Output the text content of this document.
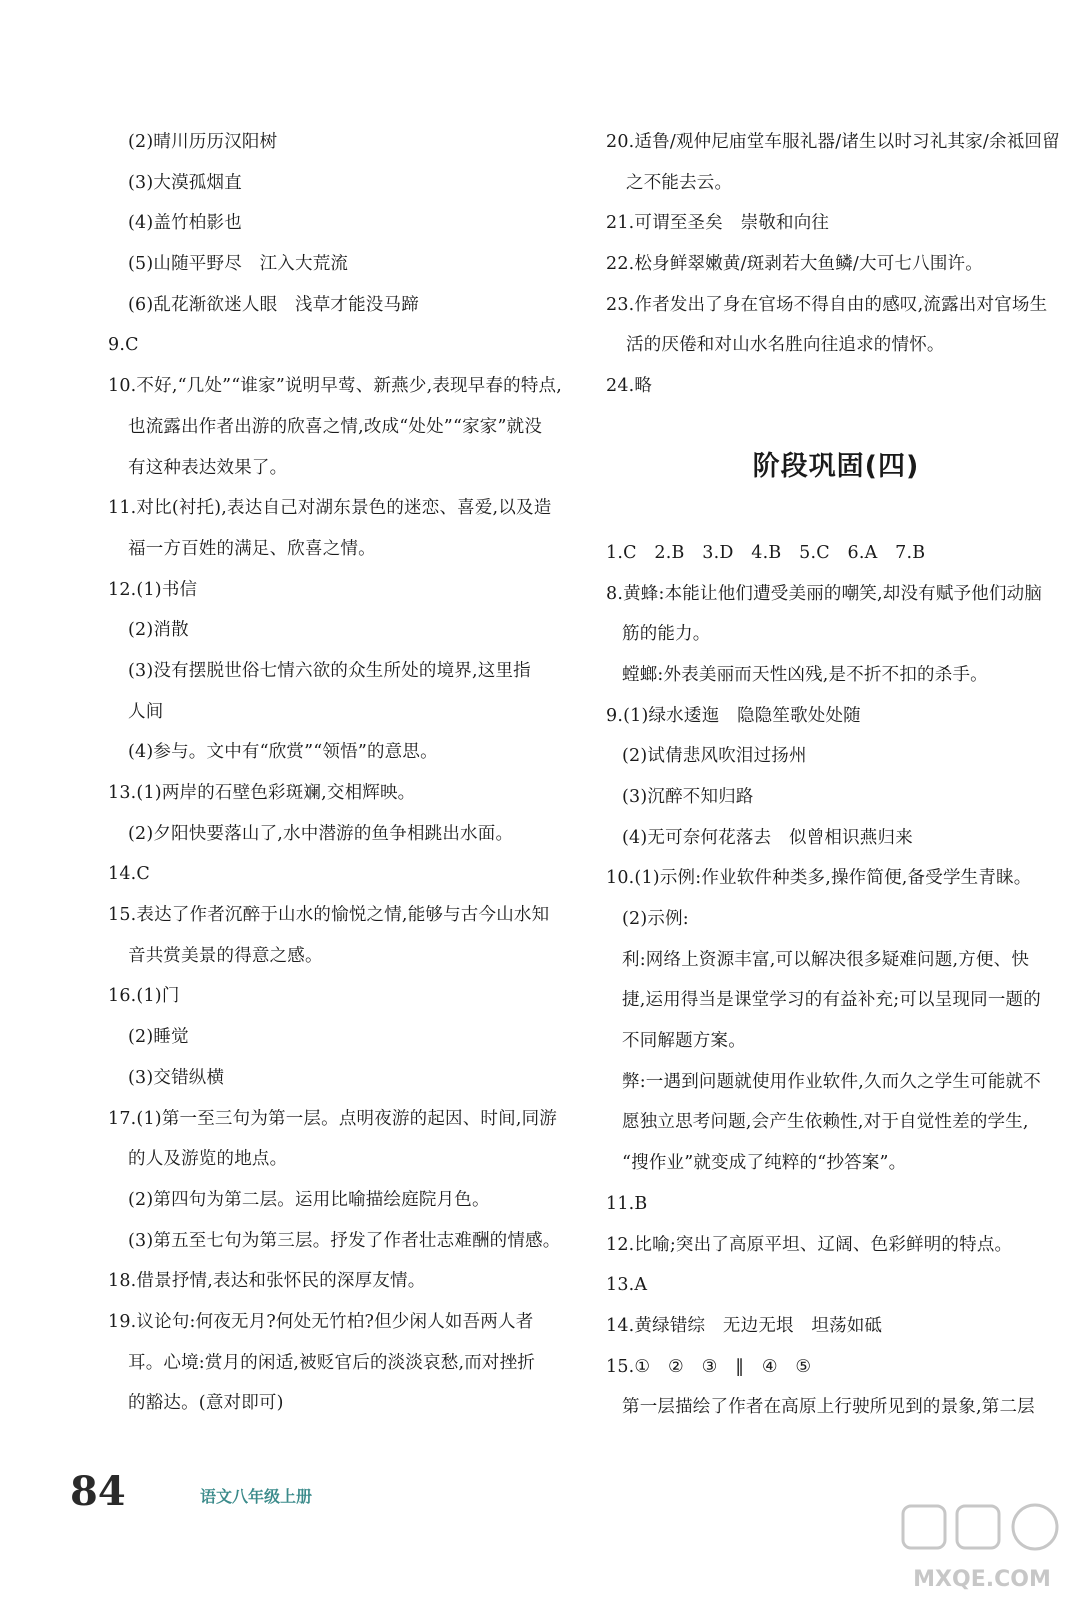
(2)晴川历历汉阳树
(3)大漠孤烟直
(4)盖竹柏影也
(5)山随平野尽　江入大荒流
(6)乱花渐欲迷人眼　浅草才能没马蹄
9.C
10.不好,“几处”“谁家”说明早莺、新燕少,表现早春的特点,
也流露出作者出游的欣喜之情,改成“处处”“家家”就没
有这种表达效果了。
11.对比(衬托),表达自己对湖东景色的迷恋、喜爱,以及造
福一方百姓的满足、欣喜之情。
12.(1)书信
(2)消散
(3)没有摆脱世俗七情六欲的众生所处的境界,这里指
人间
(4)参与。文中有“欣赏”“领悟”的意思。
13.(1)两岸的石壁色彩斑斓,交相辉映。
(2)夕阳快要落山了,水中潜游的鱼争相跳出水面。
14.C
15.表达了作者沉醉于山水的愉悦之情,能够与古今山水知
音共赏美景的得意之感。
16.(1)门
(2)睡觉
(3)交错纵横
17.(1)第一至三句为第一层。点明夜游的起因、时间,同游
的人及游览的地点。
(2)第四句为第二层。运用比喻描绘庭院月色。
(3)第五至七句为第三层。抒发了作者壮志难酬的情感。
18.借景抒情,表达和张怀民的深厚友情。
19.议论句:何夜无月?何处无竹柏?但少闲人如吾两人者
耳。心境:赏月的闲适,被贬官后的淡淡哀愁,而对挫折
的豁达。(意对即可)
20.适鲁/观仲尼庙堂车服礼器/诸生以时习礼其家/余祗回留
之不能去云。
21.可谓至圣矣　崇敬和向往
22.松身鲜翠嫩黄/斑剥若大鱼鳞/大可七八围许。
23.作者发出了身在官场不得自由的感叹,流露出对官场生
活的厌倦和对山水名胜向往追求的情怀。
24.略
阶段巩固(四)
1.C　2.B　3.D　4.B　5.C　6.A　7.B
8.黄蜂:本能让他们遭受美丽的嘲笑,却没有赋予他们动脑
筋的能力。
螳螂:外表美丽而天性凶残,是不折不扣的杀手。
9.(1)绿水逶迤　隐隐笙歌处处随
(2)试倩悲风吹泪过扬州
(3)沉醉不知归路
(4)无可奈何花落去　似曾相识燕归来
10.(1)示例:作业软件种类多,操作简便,备受学生青睐。
(2)示例:
利:网络上资源丰富,可以解决很多疑难问题,方便、快
捷,运用得当是课堂学习的有益补充;可以呈现同一题的
不同解题方案。
弊:一遇到问题就使用作业软件,久而久之学生可能就不
愿独立思考问题,会产生依赖性,对于自觉性差的学生,
“搜作业”就变成了纯粹的“抄答案”。
11.B
12.比喻;突出了高原平坦、辽阔、色彩鲜明的特点。
13.A
14.黄绿错综　无边无垠　坦荡如砥
15.①　②　③　‖　④　⑤
第一层描绘了作者在高原上行驶所见到的景象,第二层
84	语文八年级上册
MXQE.COM
